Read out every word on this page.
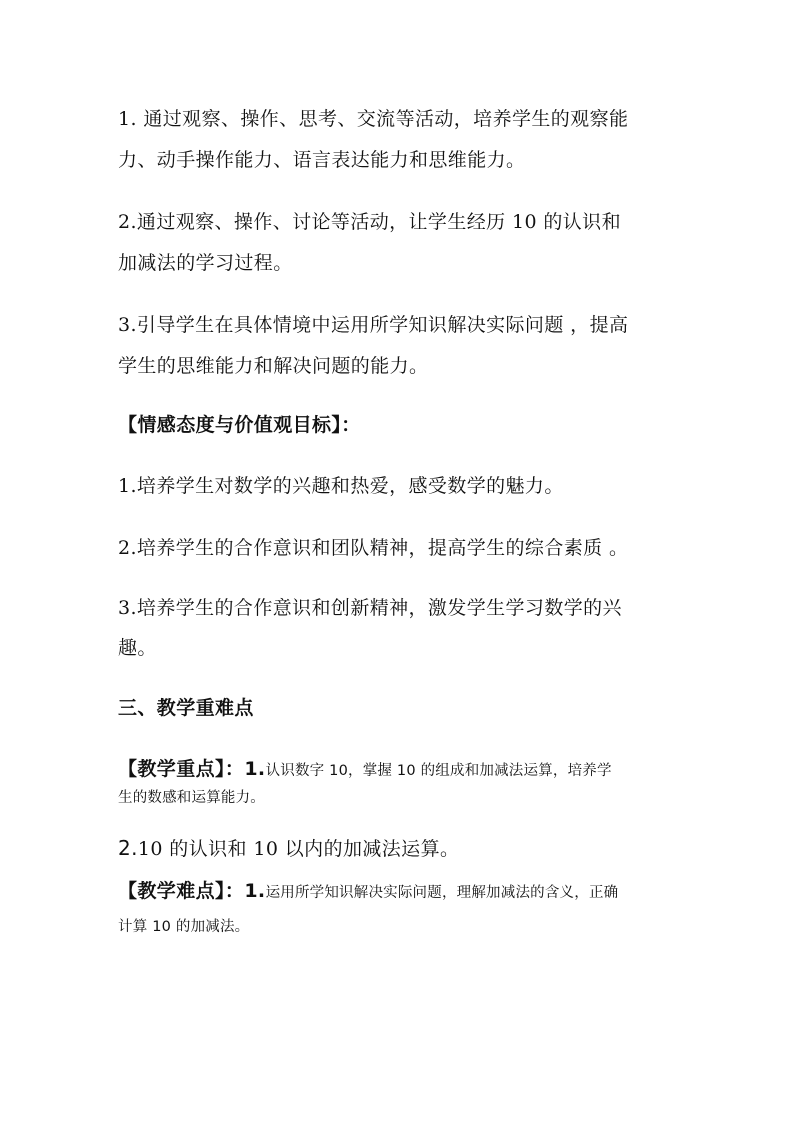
1. 通过观察、操作、思考、交流等活动，培养学生的观察能
力、动手操作能力、语言表达能力和思维能力。
2.通过观察、操作、讨论等活动，让学生经历 10 的认识和
加减法的学习过程。
3.引导学生在具体情境中运用所学知识解决实际问题 ，提高
学生的思维能力和解决问题的能力。
【情感态度与价值观目标】：
1.培养学生对数学的兴趣和热爱，感受数学的魅力。
2.培养学生的合作意识和团队精神，提高学生的综合素质 。
3.培养学生的合作意识和创新精神，激发学生学习数学的兴
趣。
三、教学重难点
【教学重点】：1.认识数字 10，掌握 10 的组成和加减法运算，培养学
生的数感和运算能力。
2.10 的认识和 10 以内的加减法运算。
【教学难点】：1.运用所学知识解决实际问题，理解加减法的含义，正确
计算 10 的加减法。
